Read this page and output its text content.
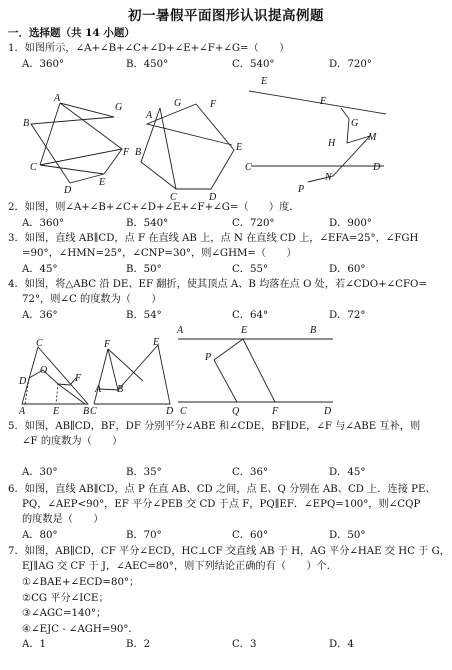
初一暑假平面图形认识提高例题
一．选择题（共 14 小题）
1．如图所示，∠A+∠B+∠C+∠D+∠E+∠F+∠G=（　　）
A．360°	B．450°	C．540°	D．720°
A
B
C
D
E
F
G
A
B
C	D
E
F
G
E
F
G
H
M
C
N
D
P
2．如图，则∠A+∠B+∠C+∠D+∠E+∠F+∠G=（　　）度．
A．360°	B．540°	C．720°	D．900°
3．如图，直线 AB∥CD，点 F 在直线 AB 上，点 N 在直线 CD 上，∠EFA=25°，∠FGH
=90°，∠HMN=25°，∠CNP=30°，则∠GHM=（　　）
A．45°	B．50°	C．55°	D．60°
4．如图，将△ABC 沿 DE、EF 翻折，使其顶点 A、B 均落在点 O 处，若∠CDO+∠CFO=
72°，则∠C 的度数为（　　）
A．36°	B．54°	C．64°	D．72°
C
D
O
F
A	E B
F	E
A B
C	D
A	E	B
P
C	Q	F	D
5．如图，AB∥CD，BF，DF 分别平分∠ABE 和∠CDE，BF∥DE，∠F 与∠ABE 互补，则
∠F 的度数为（　　）
A．30°	B．35°	C．36°	D．45°
6．如图，直线 AB∥CD，点 P 在直 AB、CD 之间，点 E、Q 分别在 AB、CD 上．连接 PE、
PQ，∠AEP<90°，EF 平分∠PEB 交 CD 于点 F，PQ∥EF．∠EPQ=100°，则∠CQP
的度数是（　　）
A．80°	B．70°	C．60°	D．50°
7．如图，AB∥CD，CF 平分∠ECD，HC⊥CF 交直线 AB 于 H，AG 平分∠HAE 交 HC 于 G，
EJ∥AG 交 CF 于 J，∠AEC=80°，则下列结论正确的有（　　）个．
①∠BAE+∠ECD=80°；
②CG 平分∠ICE；
③∠AGC=140°；
④∠EJC - ∠AGH=90°．
A．1	B．2	C．3	D．4
